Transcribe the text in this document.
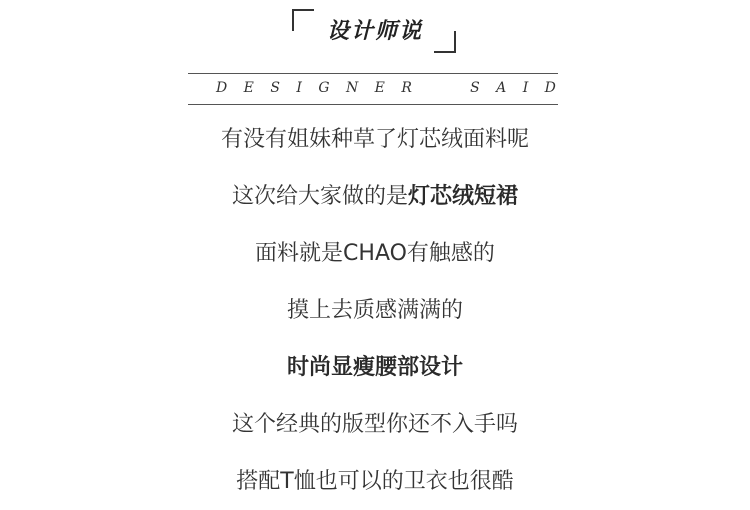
设计师说
D E S I G N E R

	S A I D
有没有姐妹种草了灯芯绒面料呢
这次给大家做的是灯芯绒短裙
面料就是CHAO有触感的
摸上去质感满满的
时尚显瘦腰部设计
这个经典的版型你还不入手吗
搭配T恤也可以的卫衣也很酷
